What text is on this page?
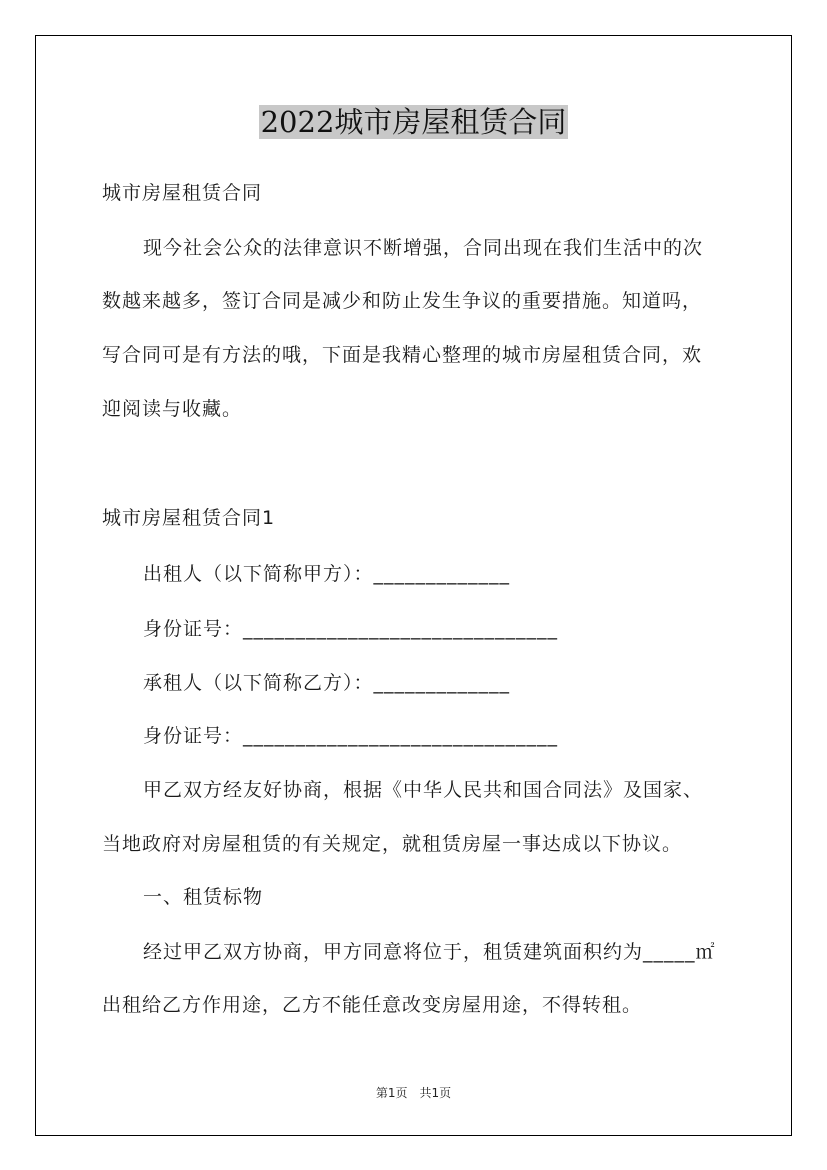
2022城市房屋租赁合同
城市房屋租赁合同
现今社会公众的法律意识不断增强，合同出现在我们生活中的次
数越来越多，签订合同是减少和防止发生争议的重要措施。知道吗，
写合同可是有方法的哦，下面是我精心整理的城市房屋租赁合同，欢
迎阅读与收藏。
城市房屋租赁合同1
出租人（以下简称甲方）：_____________
身份证号：______________________________
承租人（以下简称乙方）：_____________
身份证号：______________________________
甲乙双方经友好协商，根据《中华人民共和国合同法》及国家、
当地政府对房屋租赁的有关规定，就租赁房屋一事达成以下协议。
一、租赁标物
经过甲乙双方协商，甲方同意将位于，租赁建筑面积约为_____㎡
出租给乙方作用途，乙方不能任意改变房屋用途，不得转租。
第1页　共1页
